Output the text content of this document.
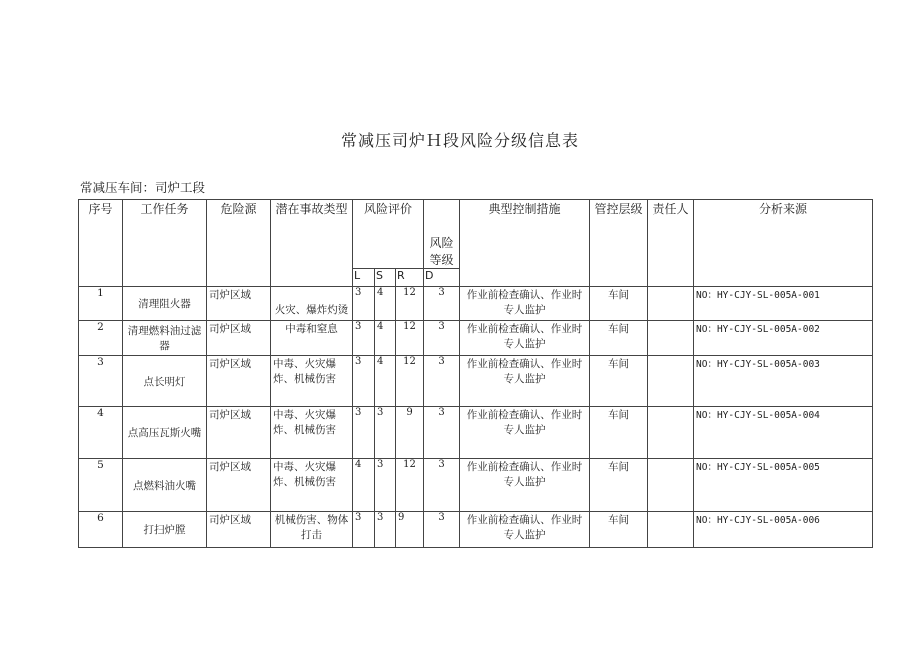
常减压司炉Ｈ段风险分级信息表
常减压车间：司炉工段
序号	工作任务	危险源	潜在事故类型	风险评价			风险等级	典型控制措施	管控层级	责任人	分析来源
				L	S	R	D				
1	清理阻火器	司炉区域	火灾、爆炸灼烫	3	4	12	3	作业前检查确认、作业时专人监护	车间		NO：HY-CJY-SL-005A-001
2	清理燃料油过滤器	司炉区域	中毒和窒息	3	4	12	3	作业前检查确认、作业时专人监护	车间		NO：HY-CJY-SL-005A-002
3	点长明灯	司炉区域	中毒、火灾爆炸、机械伤害	3	4	12	3	作业前检查确认、作业时专人监护	车间		NO：HY-CJY-SL-005A-003
4	点高压瓦斯火嘴	司炉区域	中毒、火灾爆炸、机械伤害	3	3	9	3	作业前检查确认、作业时专人监护	车间		NO：HY-CJY-SL-005A-004
5	点燃料油火嘴	司炉区域	中毒、火灾爆炸、机械伤害	4	3	12	3	作业前检查确认、作业时专人监护	车间		NO：HY-CJY-SL-005A-005
6	打扫炉膛	司炉区域	机械伤害、物体打击	3	3	9	3	作业前检查确认、作业时专人监护	车间		NO：HY-CJY-SL-005A-006
